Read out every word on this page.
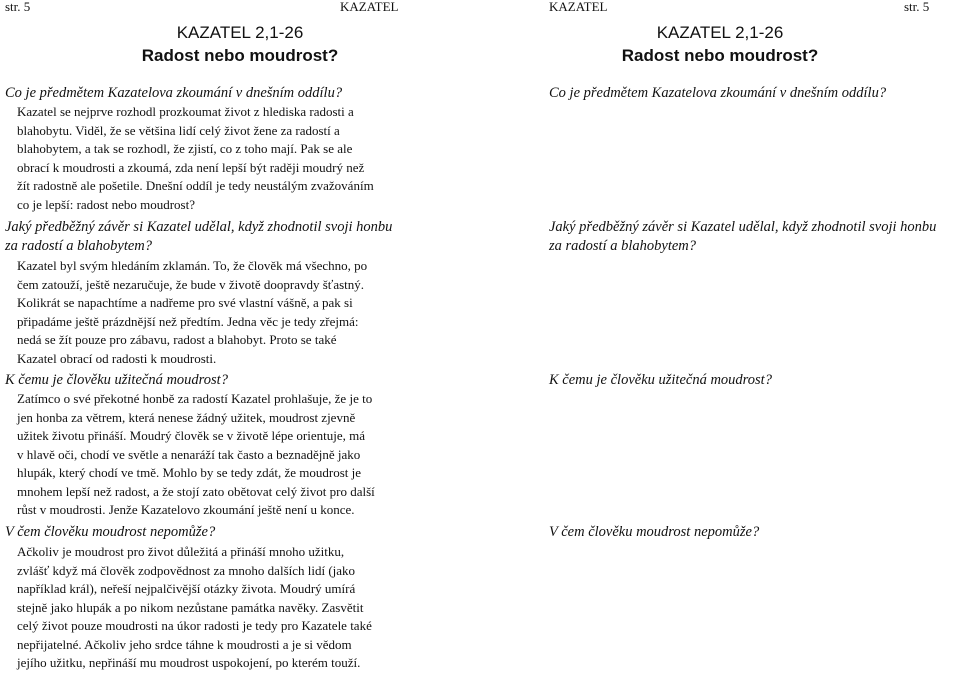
str. 5	KAZATEL
KAZATEL 2,1-26
Radost nebo moudrost?
Co je předmětem Kazatelova zkoumání v dnešním oddílu?
Kazatel se nejprve rozhodl prozkoumat život z hlediska radosti a
blahobytu. Viděl, že se většina lidí celý život žene za radostí a
blahobytem, a tak se rozhodl, že zjistí, co z toho mají. Pak se ale
obrací k moudrosti a zkoumá, zda není lepší být raději moudrý než
žít radostně ale pošetile. Dnešní oddíl je tedy neustálým zvažováním
co je lepší: radost nebo moudrost?
Jaký předběžný závěr si Kazatel udělal, když zhodnotil svoji honbu
za radostí a blahobytem?
Kazatel byl svým hledáním zklamán. To, že člověk má všechno, po
čem zatouží, ještě nezaručuje, že bude v životě doopravdy šťastný.
Kolikrát se napachtíme a nadřeme pro své vlastní vášně, a pak si
připadáme ještě prázdnější než předtím. Jedna věc je tedy zřejmá:
nedá se žít pouze pro zábavu, radost a blahobyt. Proto se také
Kazatel obrací od radosti k moudrosti.
K čemu je člověku užitečná moudrost?
Zatímco o své překotné honbě za radostí Kazatel prohlašuje, že je to
jen honba za větrem, která nenese žádný užitek, moudrost zjevně
užitek životu přináší. Moudrý člověk se v životě lépe orientuje, má
v hlavě oči, chodí ve světle a nenaráží tak často a beznadějně jako
hlupák, který chodí ve tmě. Mohlo by se tedy zdát, že moudrost je
mnohem lepší než radost, a že stojí zato obětovat celý život pro další
růst v moudrosti. Jenže Kazatelovo zkoumání ještě není u konce.
V čem člověku moudrost nepomůže?
Ačkoliv je moudrost pro život důležitá a přináší mnoho užitku,
zvlášť když má člověk zodpovědnost za mnoho dalších lidí (jako
například král), neřeší nejpalčivější otázky života. Moudrý umírá
stejně jako hlupák a po nikom nezůstane památka navěky. Zasvětit
celý život pouze moudrosti na úkor radosti je tedy pro Kazatele také
nepřijatelné. Ačkoliv jeho srdce táhne k moudrosti a je si vědom
jejího užitku, nepřináší mu moudrost uspokojení, po kterém touží.
KAZATEL	str. 5
KAZATEL 2,1-26
Radost nebo moudrost?
Co je předmětem Kazatelova zkoumání v dnešním oddílu?
Jaký předběžný závěr si Kazatel udělal, když zhodnotil svoji honbu
za radostí a blahobytem?
K čemu je člověku užitečná moudrost?
V čem člověku moudrost nepomůže?
